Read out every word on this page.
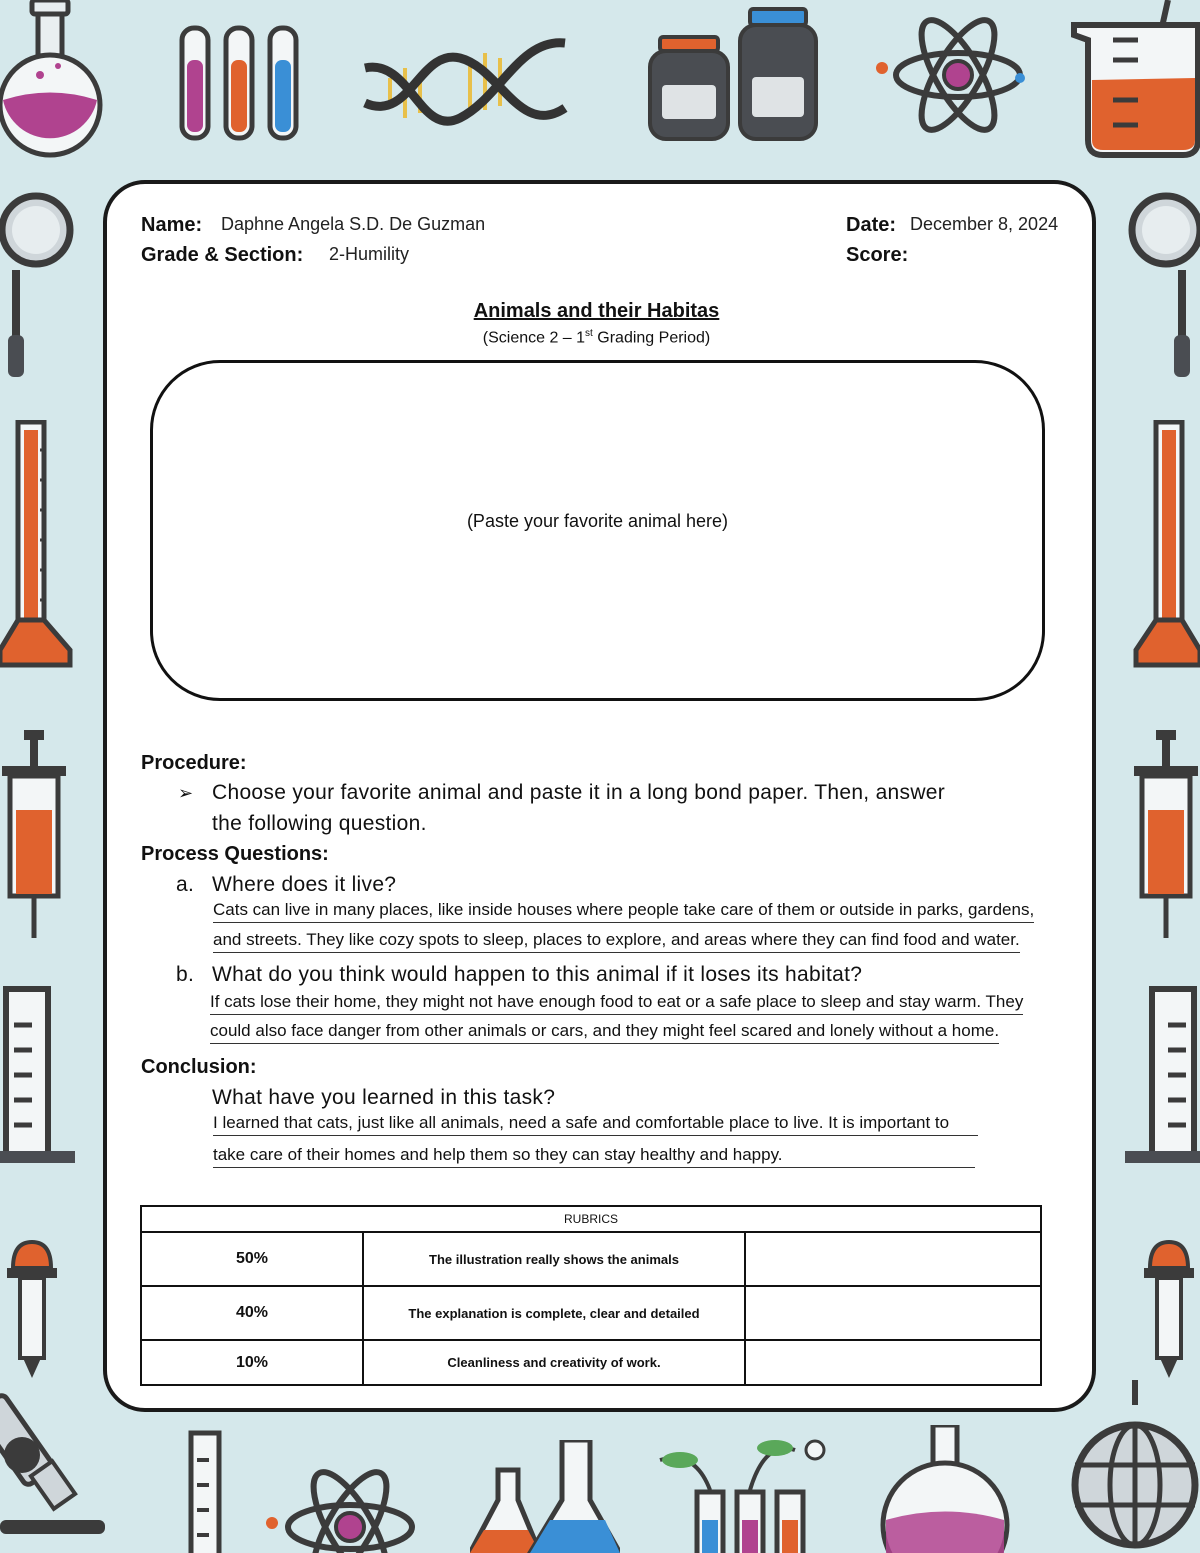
Name: Daphne Angela S.D. De Guzman
Grade & Section: 2-Humility
Date: December 8, 2024
Score:
Animals and their Habitas
(Science 2 – 1st Grading Period)
(Paste your favorite animal here)
Procedure:
➢ Choose your favorite animal and paste it in a long bond paper. Then, answer
the following question.
Process Questions:
a. Where does it live?
Cats can live in many places, like inside houses where people take care of them or outside in parks, gardens,
and streets. They like cozy spots to sleep, places to explore, and areas where they can find food and water.
b. What do you think would happen to this animal if it loses its habitat?
If cats lose their home, they might not have enough food to eat or a safe place to sleep and stay warm. They
could also face danger from other animals or cars, and they might feel scared and lonely without a home.
Conclusion:
What have you learned in this task?
I learned that cats, just like all animals, need a safe and comfortable place to live. It is important to
take care of their homes and help them so they can stay healthy and happy.
RUBRICS		
50%	The illustration really shows the animals	
40%	The explanation is complete, clear and detailed	
10%	Cleanliness and creativity of work.	
